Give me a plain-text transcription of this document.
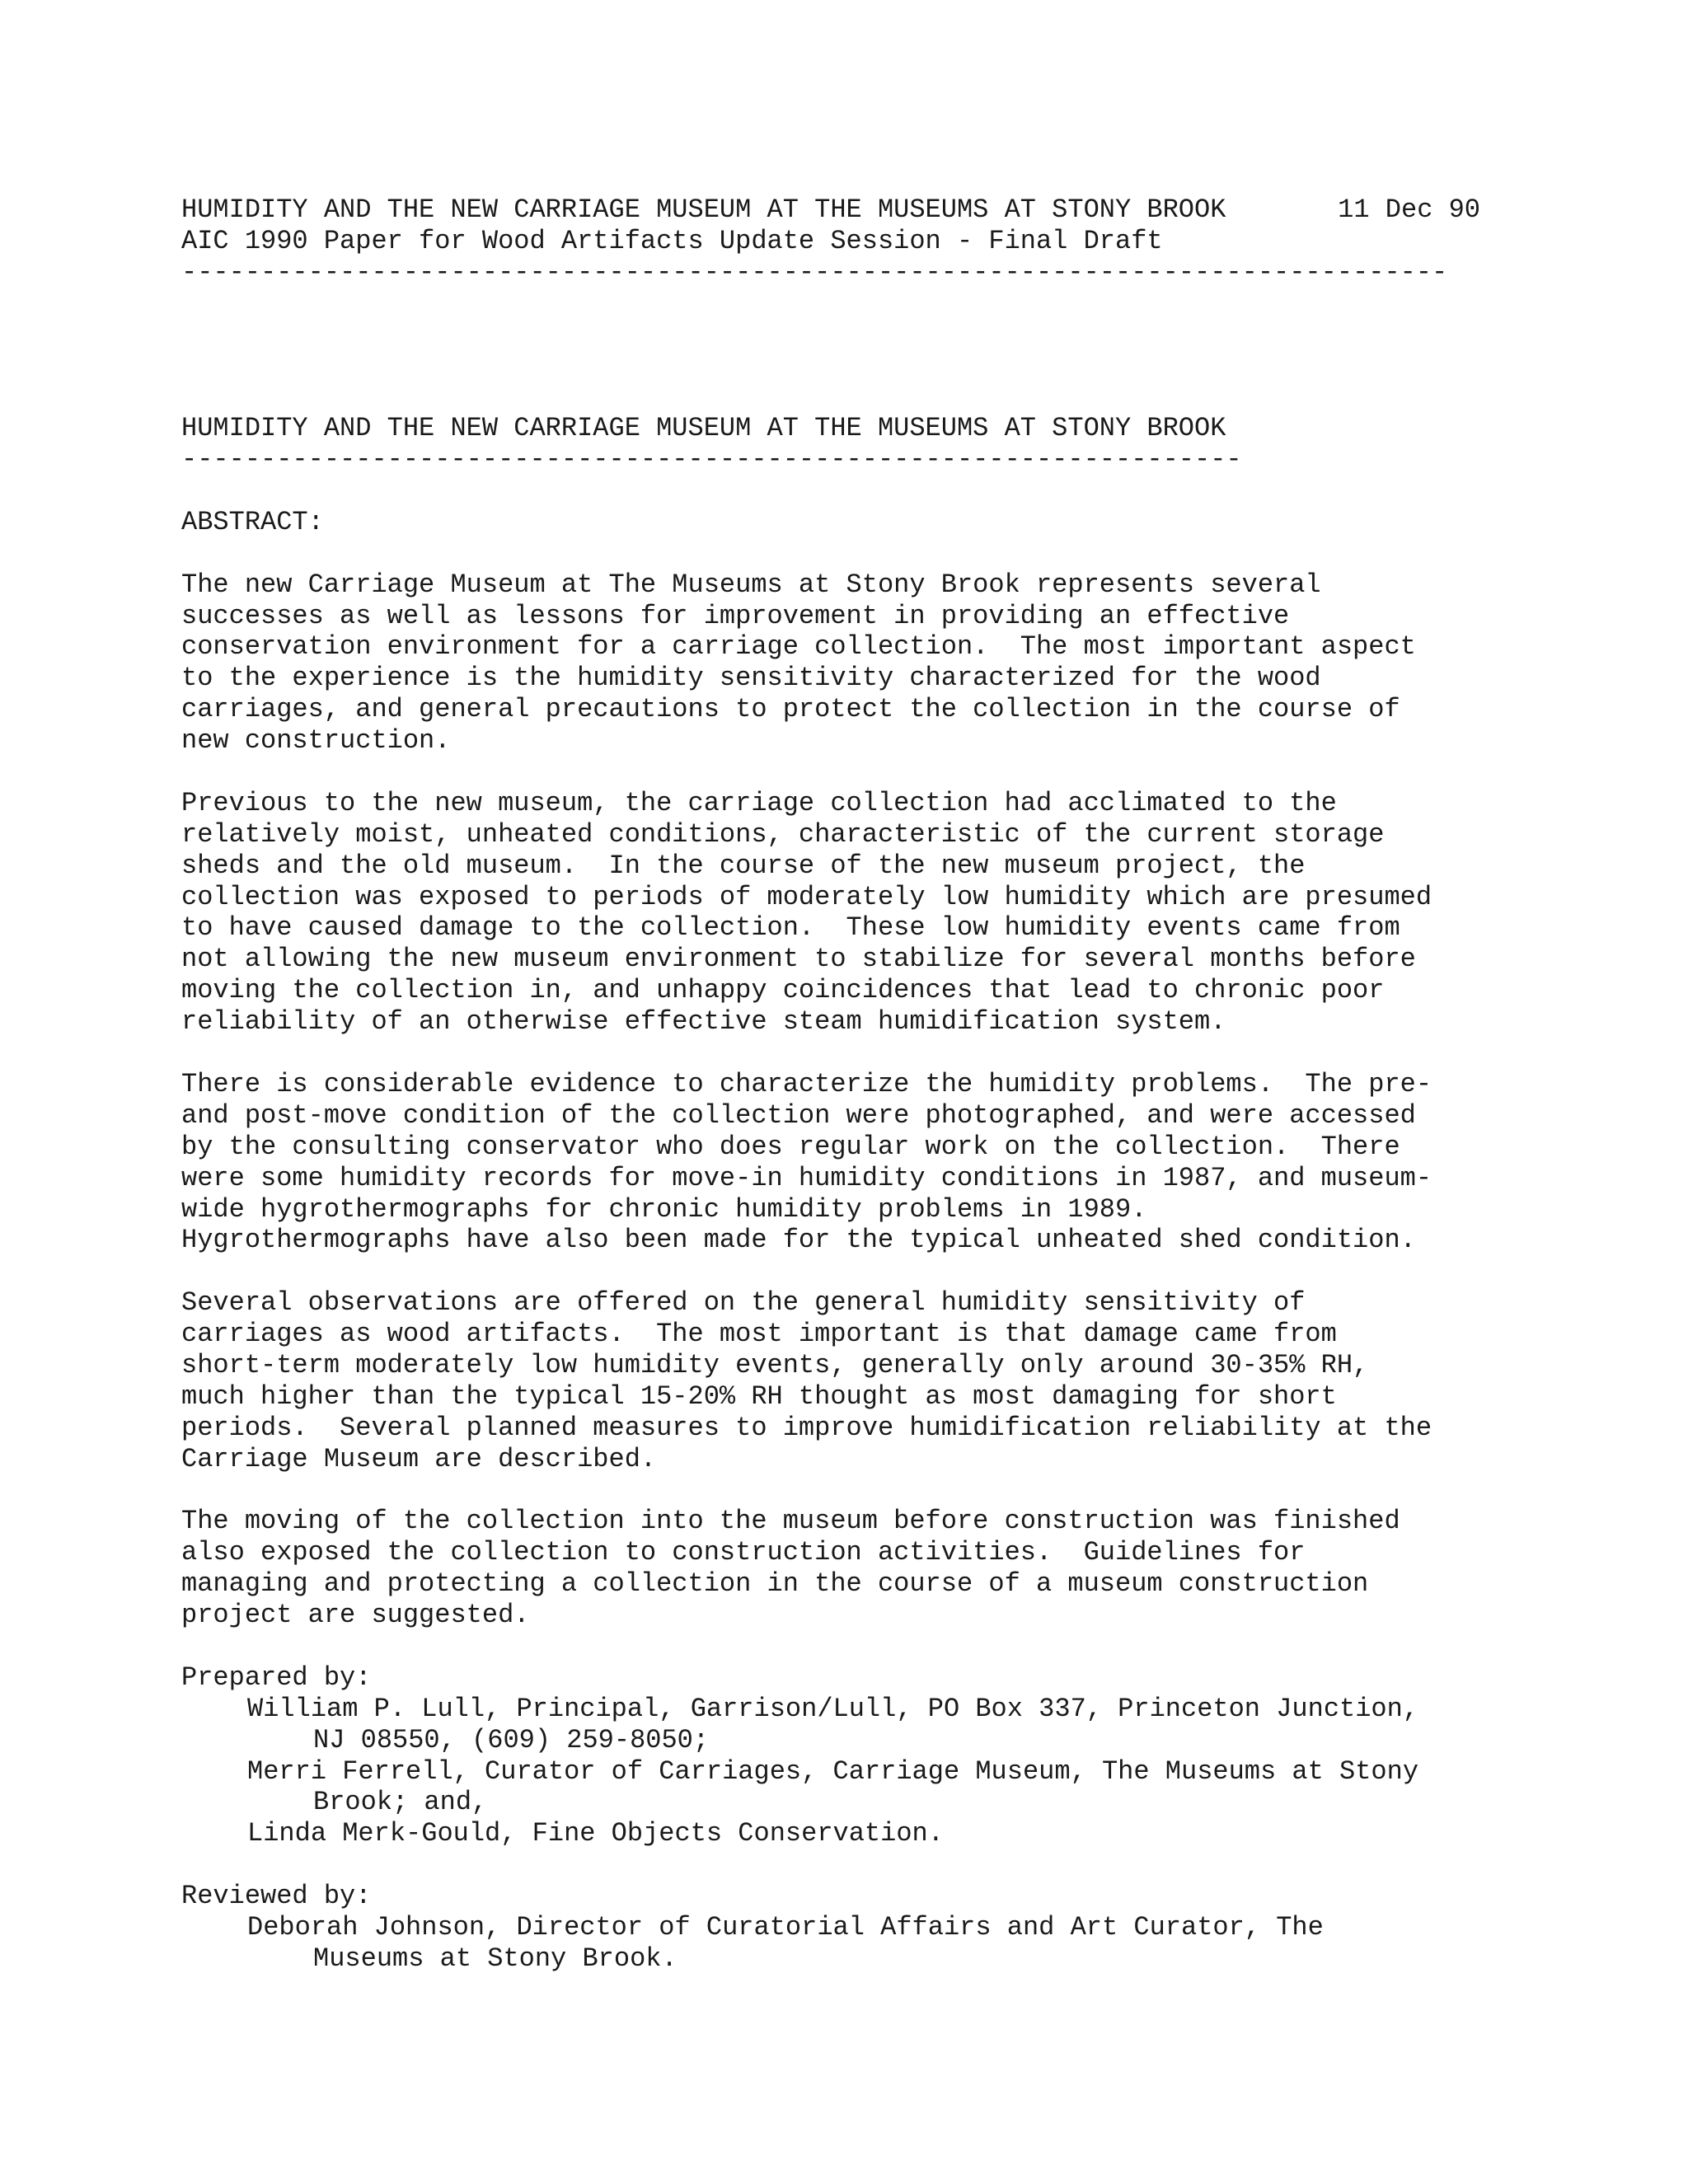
HUMIDITY AND THE NEW CARRIAGE MUSEUM AT THE MUSEUMS AT STONY BROOK	11 Dec 90
AIC 1990 Paper for Wood Artifacts Update Session - Final Draft
--------------------------------------------------------------------------------
HUMIDITY AND THE NEW CARRIAGE MUSEUM AT THE MUSEUMS AT STONY BROOK
-------------------------------------------------------------------
ABSTRACT:
The new Carriage Museum at The Museums at Stony Brook represents several
successes as well as lessons for improvement in providing an effective
conservation environment for a carriage collection.  The most important aspect
to the experience is the humidity sensitivity characterized for the wood
carriages, and general precautions to protect the collection in the course of
new construction.
Previous to the new museum, the carriage collection had acclimated to the
relatively moist, unheated conditions, characteristic of the current storage
sheds and the old museum.  In the course of the new museum project, the
collection was exposed to periods of moderately low humidity which are presumed
to have caused damage to the collection.  These low humidity events came from
not allowing the new museum environment to stabilize for several months before
moving the collection in, and unhappy coincidences that lead to chronic poor
reliability of an otherwise effective steam humidification system.
There is considerable evidence to characterize the humidity problems.  The pre-
and post-move condition of the collection were photographed, and were accessed
by the consulting conservator who does regular work on the collection.  There
were some humidity records for move-in humidity conditions in 1987, and museum-
wide hygrothermographs for chronic humidity problems in 1989.
Hygrothermographs have also been made for the typical unheated shed condition.
Several observations are offered on the general humidity sensitivity of
carriages as wood artifacts.  The most important is that damage came from
short-term moderately low humidity events, generally only around 30-35% RH,
much higher than the typical 15-20% RH thought as most damaging for short
periods.  Several planned measures to improve humidification reliability at the
Carriage Museum are described.
The moving of the collection into the museum before construction was finished
also exposed the collection to construction activities.  Guidelines for
managing and protecting a collection in the course of a museum construction
project are suggested.
Prepared by:
William P. Lull, Principal, Garrison/Lull, PO Box 337, Princeton Junction,
NJ 08550, (609) 259-8050;
Merri Ferrell, Curator of Carriages, Carriage Museum, The Museums at Stony
Brook; and,
Linda Merk-Gould, Fine Objects Conservation.
Reviewed by:
Deborah Johnson, Director of Curatorial Affairs and Art Curator, The
Museums at Stony Brook.
